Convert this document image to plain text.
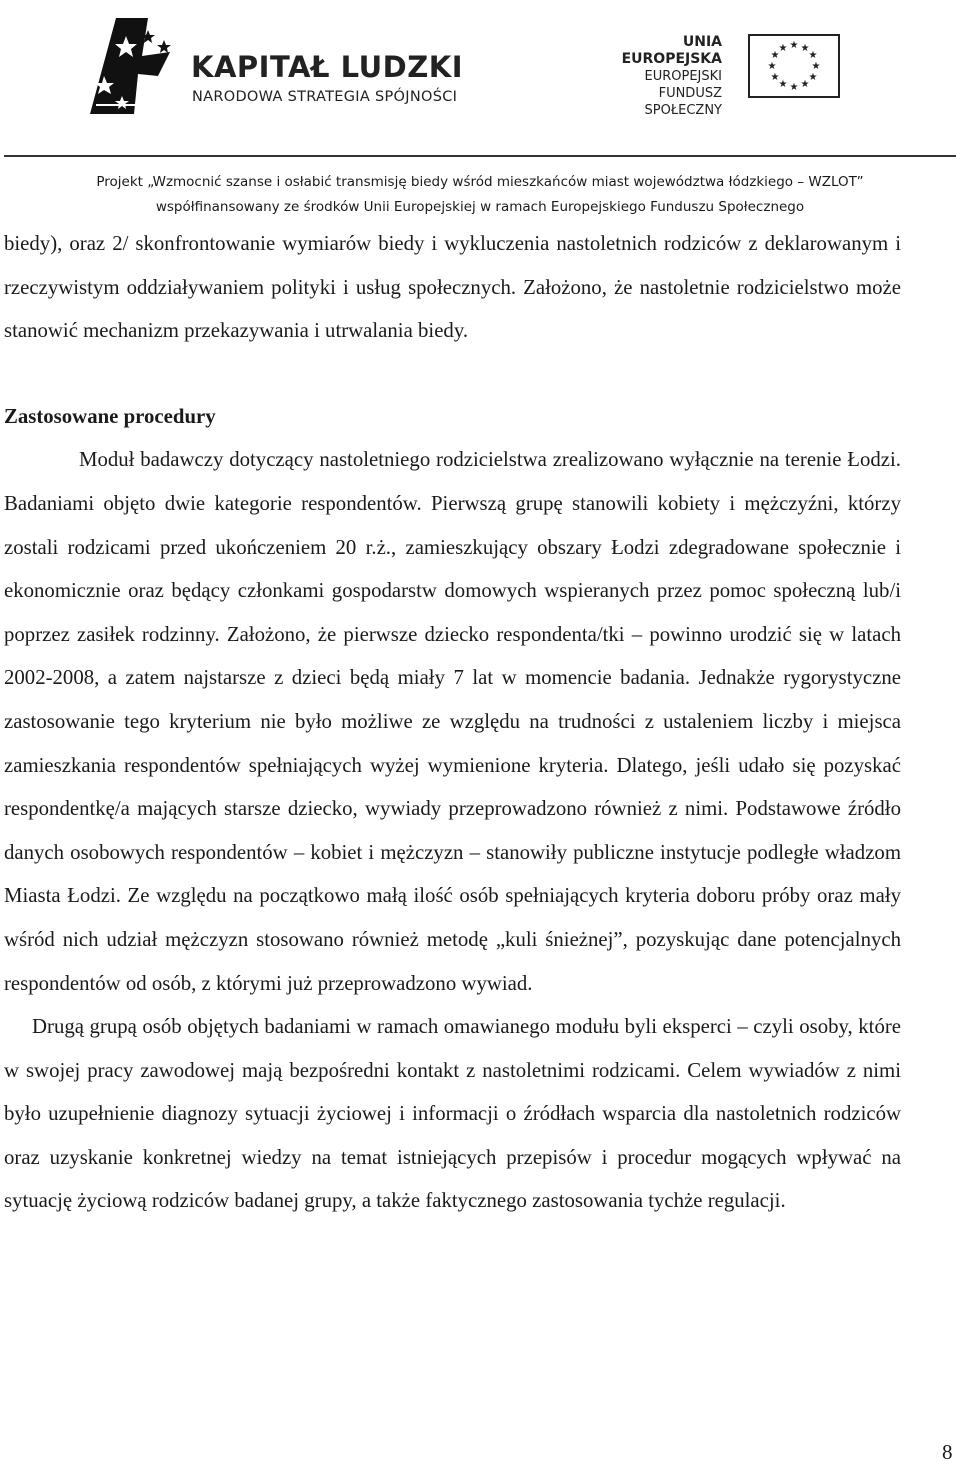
KAPITAŁ LUDZKI
NARODOWA STRATEGIA SPÓJNOŚCI
UNIA EUROPEJSKA
EUROPEJSKI
FUNDUSZ SPOŁECZNY
★ ★
★
★
★
★
★
★
★
★
★
★
Projekt „Wzmocnić szanse i osłabić transmisję biedy wśród mieszkańców miast województwa łódzkiego – WZLOT”
współfinansowany ze środków Unii Europejskiej w ramach Europejskiego Funduszu Społecznego

biedy), oraz 2/ skonfrontowanie wymiarów biedy i wykluczenia nastoletnich rodziców z deklarowanym i rzeczywistym oddziaływaniem polityki i usług społecznych. Założono, że nastoletnie rodzicielstwo może stanowić mechanizm przekazywania i utrwalania biedy.

Zastosowane procedury

Moduł badawczy dotyczący nastoletniego rodzicielstwa zrealizowano wyłącznie na terenie Łodzi. Badaniami objęto dwie kategorie respondentów. Pierwszą grupę stanowili kobiety i mężczyźni, którzy zostali rodzicami przed ukończeniem 20 r.ż., zamieszkujący obszary Łodzi zdegradowane społecznie i ekonomicznie oraz będący członkami gospodarstw domowych wspieranych przez pomoc społeczną lub/i poprzez zasiłek rodzinny. Założono, że pierwsze dziecko respondenta/tki – powinno urodzić się w latach 2002-2008, a zatem najstarsze z dzieci będą miały 7 lat w momencie badania. Jednakże rygorystyczne zastosowanie tego kryterium nie było możliwe ze względu na trudności z ustaleniem liczby i miejsca zamieszkania respondentów spełniających wyżej wymienione kryteria. Dlatego, jeśli udało się pozyskać respondentkę/a mających starsze dziecko, wywiady przeprowadzono również z nimi. Podstawowe źródło danych osobowych respondentów – kobiet i mężczyzn – stanowiły publiczne instytucje podległe władzom Miasta Łodzi. Ze względu na początkowo małą ilość osób spełniających kryteria doboru próby oraz mały wśród nich udział mężczyzn stosowano również metodę „kuli śnieżnej”, pozyskując dane potencjalnych respondentów od osób, z którymi już przeprowadzono wywiad.

Drugą grupą osób objętych badaniami w ramach omawianego modułu byli eksperci – czyli osoby, które w swojej pracy zawodowej mają bezpośredni kontakt z nastoletnimi rodzicami. Celem wywiadów z nimi było uzupełnienie diagnozy sytuacji życiowej i informacji o źródłach wsparcia dla nastoletnich rodziców oraz uzyskanie konkretnej wiedzy na temat istniejących przepisów i procedur mogących wpływać na sytuację życiową rodziców badanej grupy, a także faktycznego zastosowania tychże regulacji.

8
